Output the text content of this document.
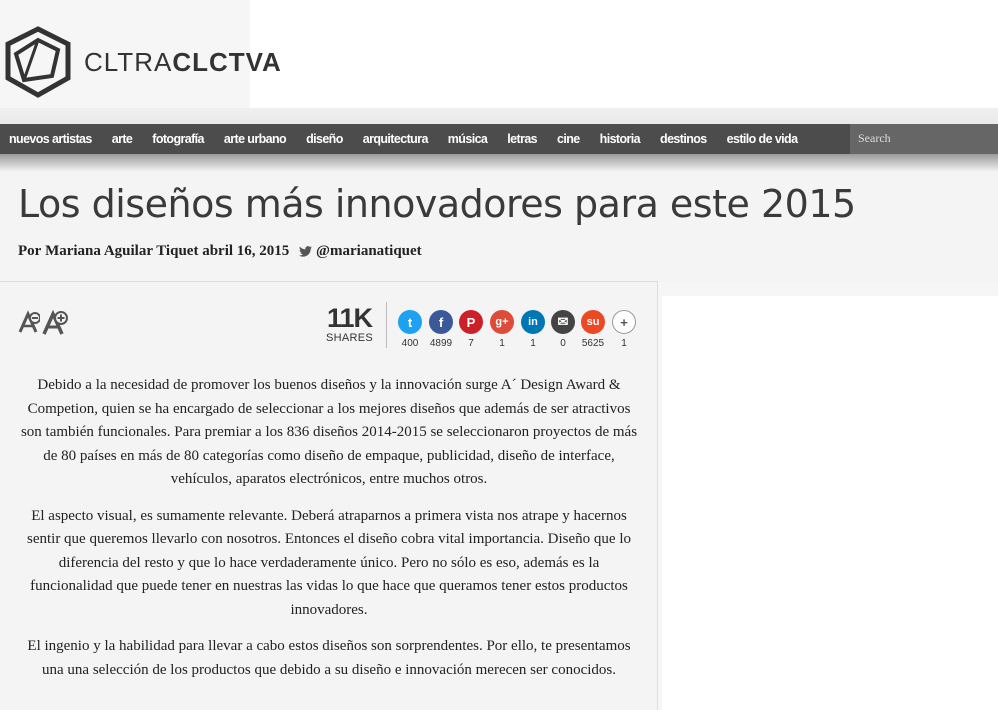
CLTRACLCTVA
nuevos artistas	arte	fotografía	arte urbano	diseño	arquitectura	música	letras	cine	historia	destinos	estilo de vida
Search
Los diseños más innovadores para este 2015
Por Mariana Aguilar Tiquet abril 16, 2015 @marianatiquet
11K
SHARES
t
400
f
4899
P
7
g+
1
in
1
✉
0
su
5625
+
1

Debido a la necesidad de promover los buenos diseños y la innovación surge A´ Design Award & Competion, quien se ha encargado de seleccionar a los mejores diseños que además de ser atractivos son también funcionales. Para premiar a los 836 diseños 2014-2015 se seleccionaron proyectos de más de 80 países en más de 80 categorías como diseño de empaque, publicidad, diseño de interface, vehículos, aparatos electrónicos, entre muchos otros.

El aspecto visual, es sumamente relevante. Deberá atraparnos a primera vista nos atrape y hacernos sentir que queremos llevarlo con nosotros. Entonces el diseño cobra vital importancia. Diseño que lo diferencia del resto y que lo hace verdaderamente único. Pero no sólo es eso, además es la funcionalidad que puede tener en nuestras las vidas lo que hace que queramos tener estos productos innovadores.

El ingenio y la habilidad para llevar a cabo estos diseños son sorprendentes. Por ello, te presentamos una una selección de los productos que debido a su diseño e innovación merecen ser conocidos.
